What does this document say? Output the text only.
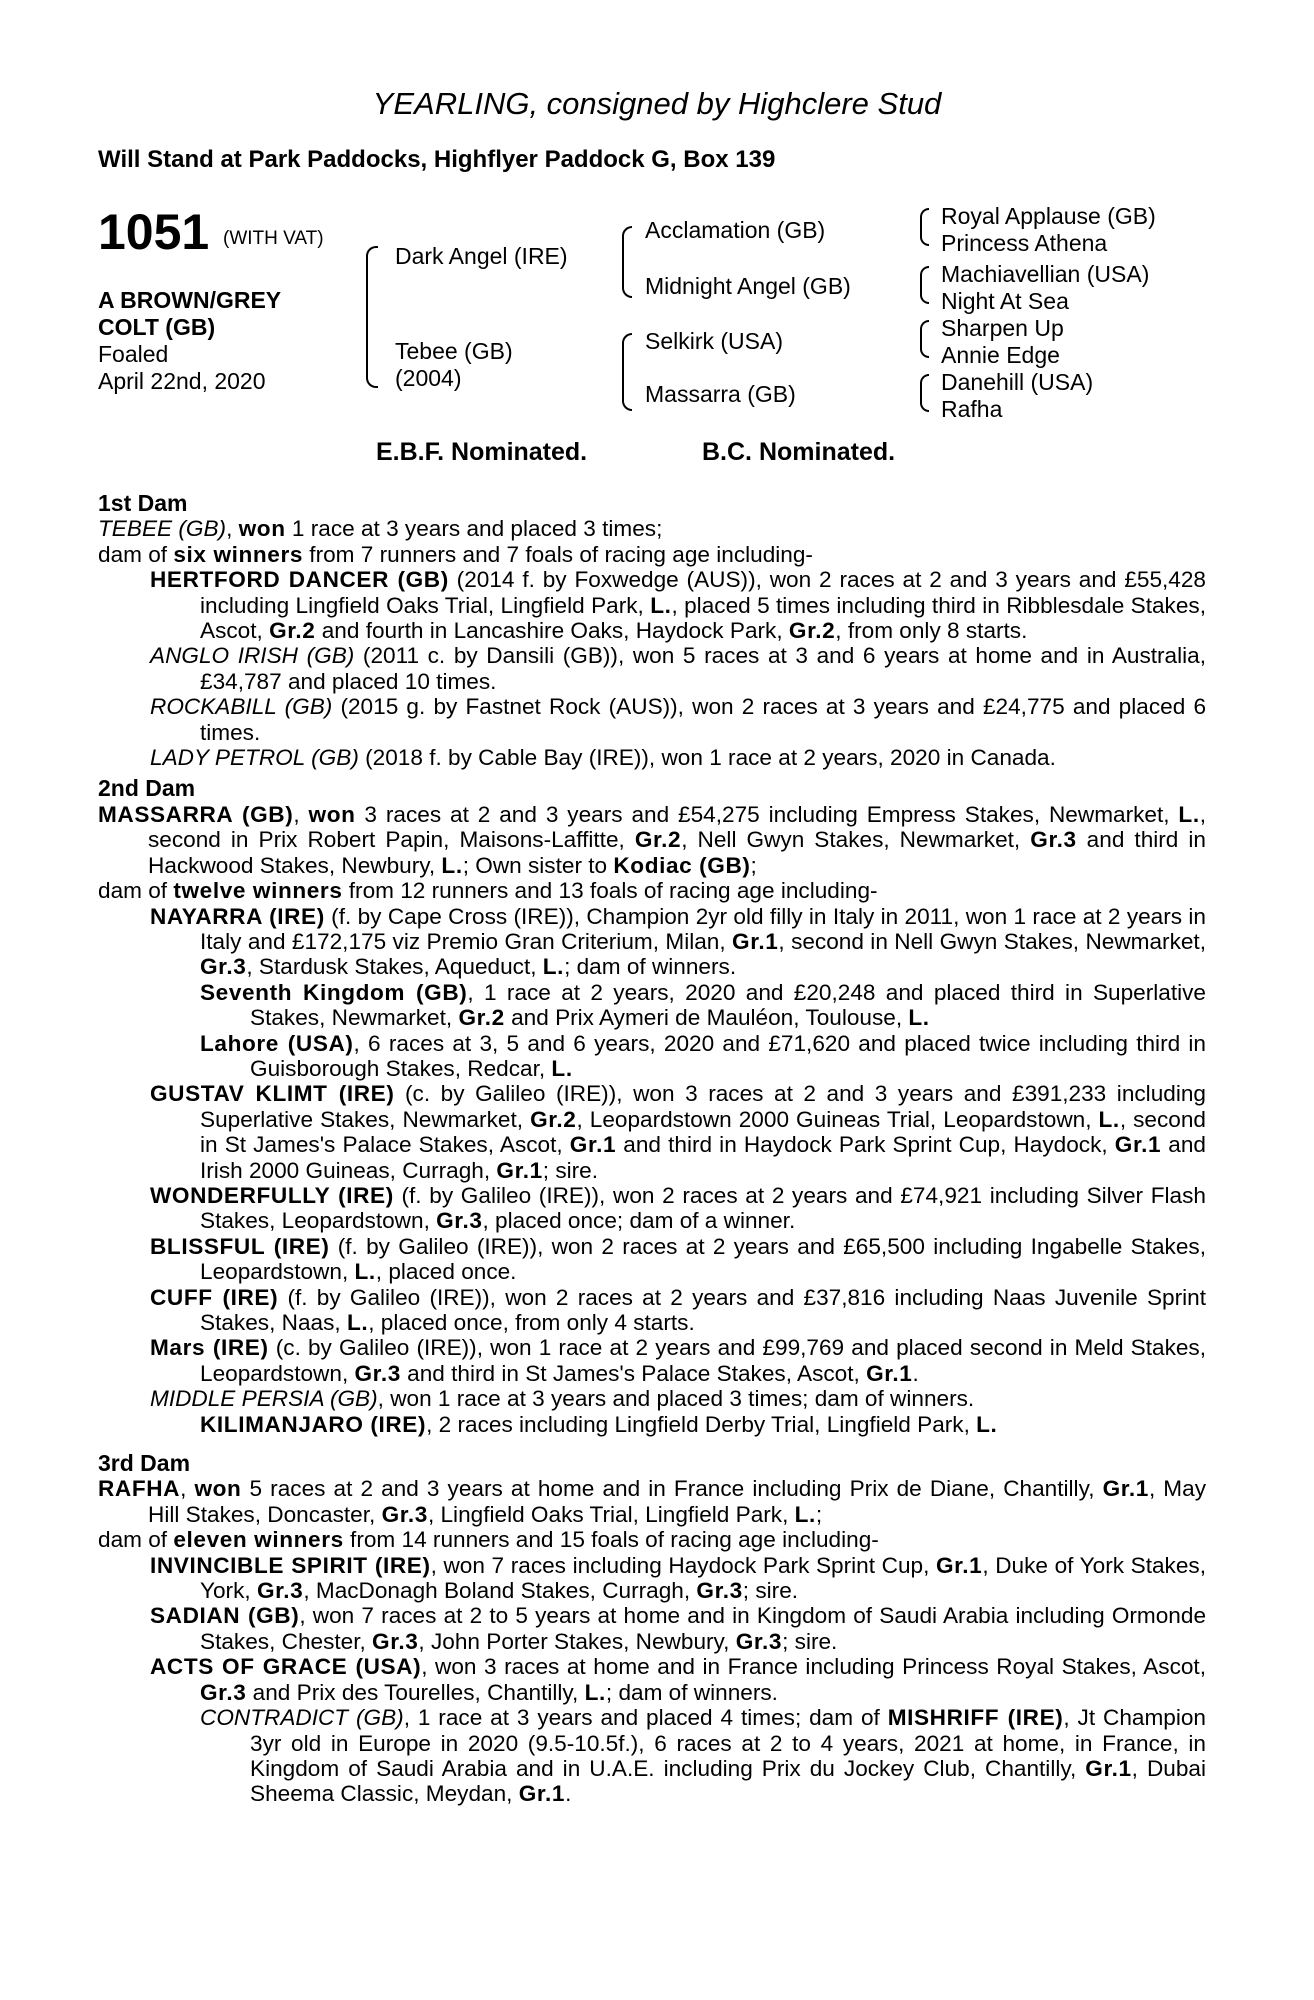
YEARLING, consigned by Highclere Stud
Will Stand at Park Paddocks, Highflyer Paddock G, Box 139
1051 (WITH VAT)
A BROWN/GREY
COLT (GB)
Foaled
April 22nd, 2020
Dark Angel (IRE)
Tebee (GB)
(2004)
Acclamation (GB)
Midnight Angel (GB)
Selkirk (USA)
Massarra (GB)
Royal Applause (GB)
Princess Athena
Machiavellian (USA)
Night At Sea
Sharpen Up
Annie Edge
Danehill (USA)
Rafha
E.B.F. Nominated.	B.C. Nominated.
1st Dam
TEBEE (GB), won 1 race at 3 years and placed 3 times;
dam of six winners from 7 runners and 7 foals of racing age including-
HERTFORD DANCER (GB) (2014 f. by Foxwedge (AUS)), won 2 races at 2 and 3 years and £55,428 including Lingfield Oaks Trial, Lingfield Park, L., placed 5 times including third in Ribblesdale Stakes, Ascot, Gr.2 and fourth in Lancashire Oaks, Haydock Park, Gr.2, from only 8 starts.
ANGLO IRISH (GB) (2011 c. by Dansili (GB)), won 5 races at 3 and 6 years at home and in Australia, £34,787 and placed 10 times.
ROCKABILL (GB) (2015 g. by Fastnet Rock (AUS)), won 2 races at 3 years and £24,775 and placed 6 times.
LADY PETROL (GB) (2018 f. by Cable Bay (IRE)), won 1 race at 2 years, 2020 in Canada.
2nd Dam
MASSARRA (GB), won 3 races at 2 and 3 years and £54,275 including Empress Stakes, Newmarket, L., second in Prix Robert Papin, Maisons-Laffitte, Gr.2, Nell Gwyn Stakes, Newmarket, Gr.3 and third in Hackwood Stakes, Newbury, L.; Own sister to Kodiac (GB);
dam of twelve winners from 12 runners and 13 foals of racing age including-
NAYARRA (IRE) (f. by Cape Cross (IRE)), Champion 2yr old filly in Italy in 2011, won 1 race at 2 years in Italy and £172,175 viz Premio Gran Criterium, Milan, Gr.1, second in Nell Gwyn Stakes, Newmarket, Gr.3, Stardusk Stakes, Aqueduct, L.; dam of winners.
Seventh Kingdom (GB), 1 race at 2 years, 2020 and £20,248 and placed third in Superlative Stakes, Newmarket, Gr.2 and Prix Aymeri de Mauléon, Toulouse, L.
Lahore (USA), 6 races at 3, 5 and 6 years, 2020 and £71,620 and placed twice including third in Guisborough Stakes, Redcar, L.
GUSTAV KLIMT (IRE) (c. by Galileo (IRE)), won 3 races at 2 and 3 years and £391,233 including Superlative Stakes, Newmarket, Gr.2, Leopardstown 2000 Guineas Trial, Leopardstown, L., second in St James's Palace Stakes, Ascot, Gr.1 and third in Haydock Park Sprint Cup, Haydock, Gr.1 and Irish 2000 Guineas, Curragh, Gr.1; sire.
WONDERFULLY (IRE) (f. by Galileo (IRE)), won 2 races at 2 years and £74,921 including Silver Flash Stakes, Leopardstown, Gr.3, placed once; dam of a winner.
BLISSFUL (IRE) (f. by Galileo (IRE)), won 2 races at 2 years and £65,500 including Ingabelle Stakes, Leopardstown, L., placed once.
CUFF (IRE) (f. by Galileo (IRE)), won 2 races at 2 years and £37,816 including Naas Juvenile Sprint Stakes, Naas, L., placed once, from only 4 starts.
Mars (IRE) (c. by Galileo (IRE)), won 1 race at 2 years and £99,769 and placed second in Meld Stakes, Leopardstown, Gr.3 and third in St James's Palace Stakes, Ascot, Gr.1.
MIDDLE PERSIA (GB), won 1 race at 3 years and placed 3 times; dam of winners.
KILIMANJARO (IRE), 2 races including Lingfield Derby Trial, Lingfield Park, L.
3rd Dam
RAFHA, won 5 races at 2 and 3 years at home and in France including Prix de Diane, Chantilly, Gr.1, May Hill Stakes, Doncaster, Gr.3, Lingfield Oaks Trial, Lingfield Park, L.;
dam of eleven winners from 14 runners and 15 foals of racing age including-
INVINCIBLE SPIRIT (IRE), won 7 races including Haydock Park Sprint Cup, Gr.1, Duke of York Stakes, York, Gr.3, MacDonagh Boland Stakes, Curragh, Gr.3; sire.
SADIAN (GB), won 7 races at 2 to 5 years at home and in Kingdom of Saudi Arabia including Ormonde Stakes, Chester, Gr.3, John Porter Stakes, Newbury, Gr.3; sire.
ACTS OF GRACE (USA), won 3 races at home and in France including Princess Royal Stakes, Ascot, Gr.3 and Prix des Tourelles, Chantilly, L.; dam of winners.
CONTRADICT (GB), 1 race at 3 years and placed 4 times; dam of MISHRIFF (IRE), Jt Champion 3yr old in Europe in 2020 (9.5-10.5f.), 6 races at 2 to 4 years, 2021 at home, in France, in Kingdom of Saudi Arabia and in U.A.E. including Prix du Jockey Club, Chantilly, Gr.1, Dubai Sheema Classic, Meydan, Gr.1.
